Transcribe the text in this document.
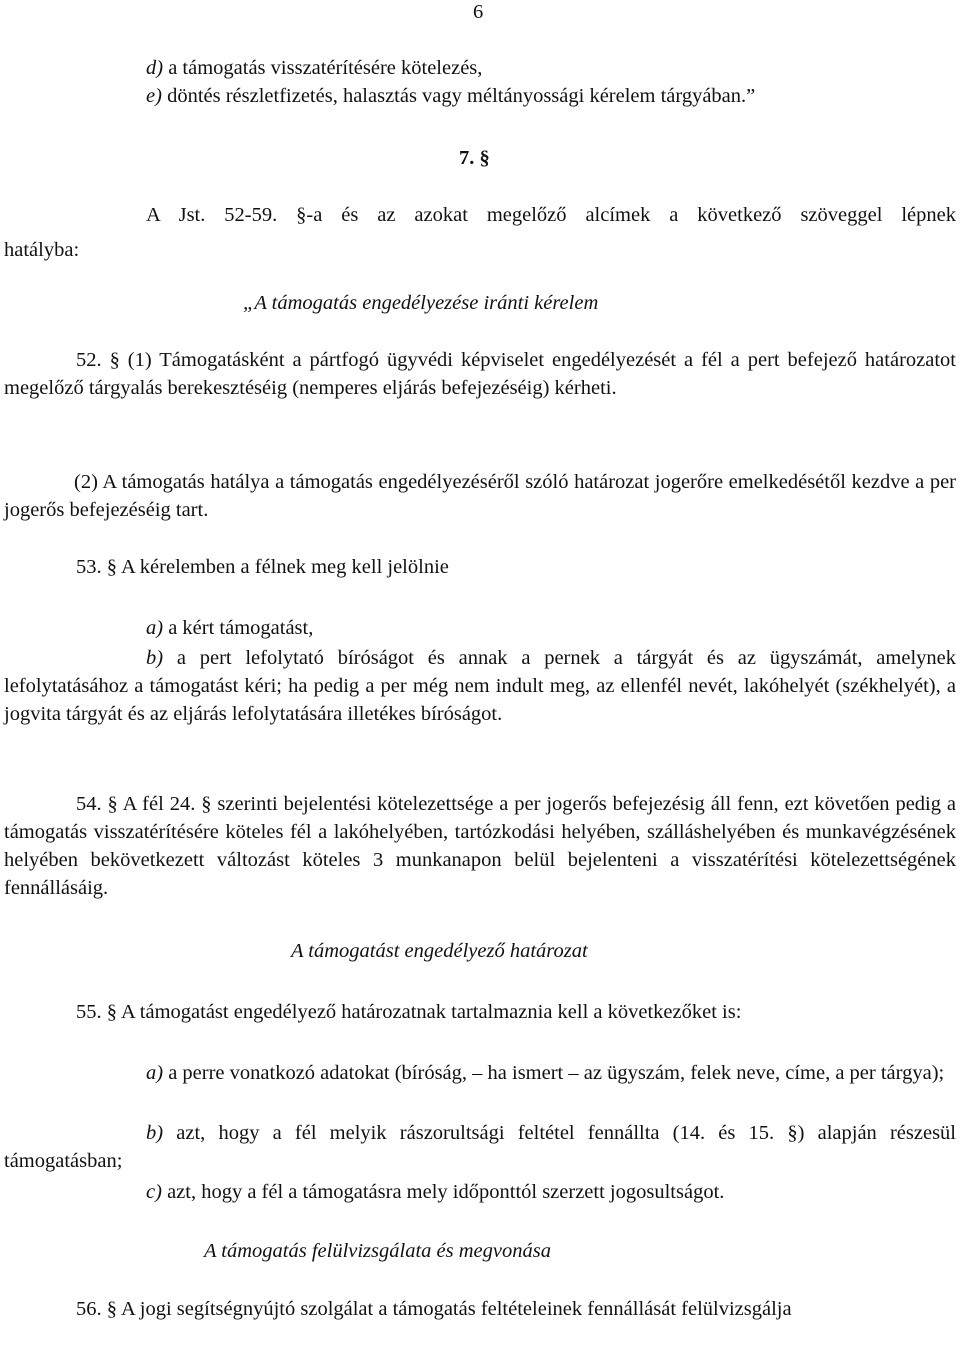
6
d) a támogatás visszatérítésére kötelezés,
e) döntés részletfizetés, halasztás vagy méltányossági kérelem tárgyában.”
7. §
A Jst. 52-59. §-a és az azokat megelőző alcímek a következő szöveggel lépnek
hatályba:
„A támogatás engedélyezése iránti kérelem
52. § (1) Támogatásként a pártfogó ügyvédi képviselet engedélyezését a fél a pert befejező határozatot megelőző tárgyalás berekesztéséig (nemperes eljárás befejezéséig) kérheti.
(2) A támogatás hatálya a támogatás engedélyezéséről szóló határozat jogerőre emelkedésétől kezdve a per jogerős befejezéséig tart.
53. § A kérelemben a félnek meg kell jelölnie
a) a kért támogatást,
b) a pert lefolytató bíróságot és annak a pernek a tárgyát és az ügyszámát, amelynek lefolytatásához a támogatást kéri; ha pedig a per még nem indult meg, az ellenfél nevét, lakóhelyét (székhelyét), a jogvita tárgyát és az eljárás lefolytatására illetékes bíróságot.
54. § A fél 24. § szerinti bejelentési kötelezettsége a per jogerős befejezésig áll fenn, ezt követően pedig a támogatás visszatérítésére köteles fél a lakóhelyében, tartózkodási helyében, szálláshelyében és munkavégzésének helyében bekövetkezett változást köteles 3 munkanapon belül bejelenteni a visszatérítési kötelezettségének fennállásáig.
A támogatást engedélyező határozat
55. § A támogatást engedélyező határozatnak tartalmaznia kell a következőket is:
a) a perre vonatkozó adatokat (bíróság, – ha ismert – az ügyszám, felek neve, címe, a per tárgya);
b) azt, hogy a fél melyik rászorultsági feltétel fennállta (14. és 15. §) alapján részesül támogatásban;
c) azt, hogy a fél a támogatásra mely időponttól szerzett jogosultságot.
A támogatás felülvizsgálata és megvonása
56. § A jogi segítségnyújtó szolgálat a támogatás feltételeinek fennállását felülvizsgálja
